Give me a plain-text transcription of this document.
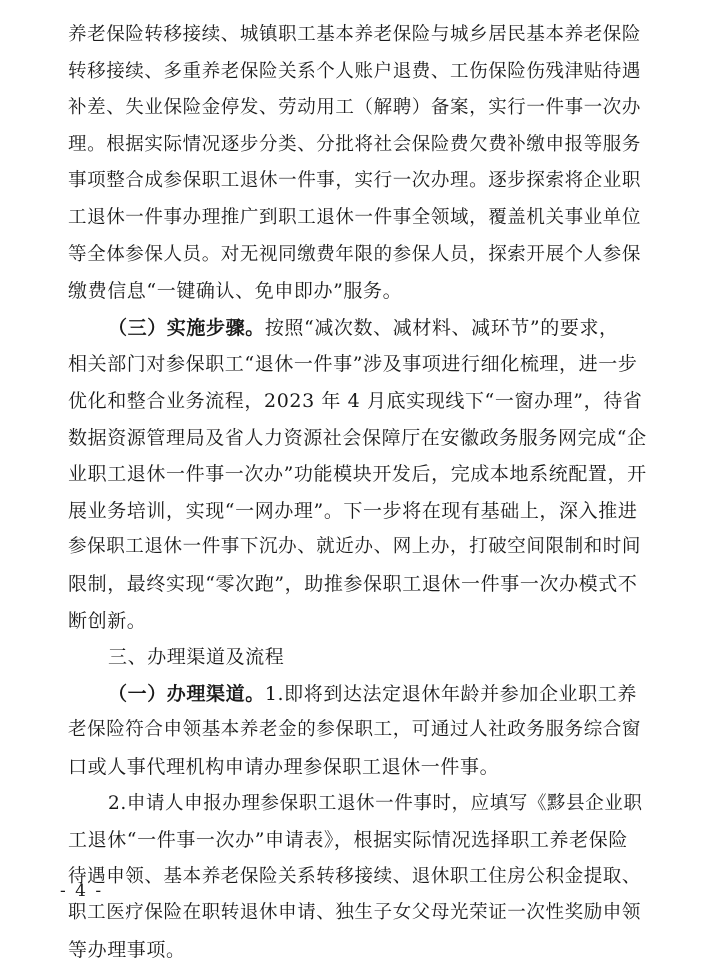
养老保险转移接续、城镇职工基本养老保险与城乡居民基本养老保险
转移接续、多重养老保险关系个人账户退费、工伤保险伤残津贴待遇
补差、失业保险金停发、劳动用工（解聘）备案，实行一件事一次办
理。根据实际情况逐步分类、分批将社会保险费欠费补缴申报等服务
事项整合成参保职工退休一件事，实行一次办理。逐步探索将企业职
工退休一件事办理推广到职工退休一件事全领域，覆盖机关事业单位
等全体参保人员。对无视同缴费年限的参保人员，探索开展个人参保
缴费信息“一键确认、免申即办”服务。
（三）实施步骤。按照“减次数、减材料、减环节”的要求，
相关部门对参保职工“退休一件事”涉及事项进行细化梳理，进一步
优化和整合业务流程，2023 年 4 月底实现线下“一窗办理”，待省
数据资源管理局及省人力资源社会保障厅在安徽政务服务网完成“企
业职工退休一件事一次办”功能模块开发后，完成本地系统配置，开
展业务培训，实现“一网办理”。下一步将在现有基础上，深入推进
参保职工退休一件事下沉办、就近办、网上办，打破空间限制和时间
限制，最终实现“零次跑”，助推参保职工退休一件事一次办模式不
断创新。
三、办理渠道及流程
（一）办理渠道。1.即将到达法定退休年龄并参加企业职工养
老保险符合申领基本养老金的参保职工，可通过人社政务服务综合窗
口或人事代理机构申请办理参保职工退休一件事。
2.申请人申报办理参保职工退休一件事时，应填写《黟县企业职
工退休“一件事一次办”申请表》，根据实际情况选择职工养老保险
待遇申领、基本养老保险关系转移接续、退休职工住房公积金提取、
职工医疗保险在职转退休申请、独生子女父母光荣证一次性奖励申领
等办理事项。
- 4 -
